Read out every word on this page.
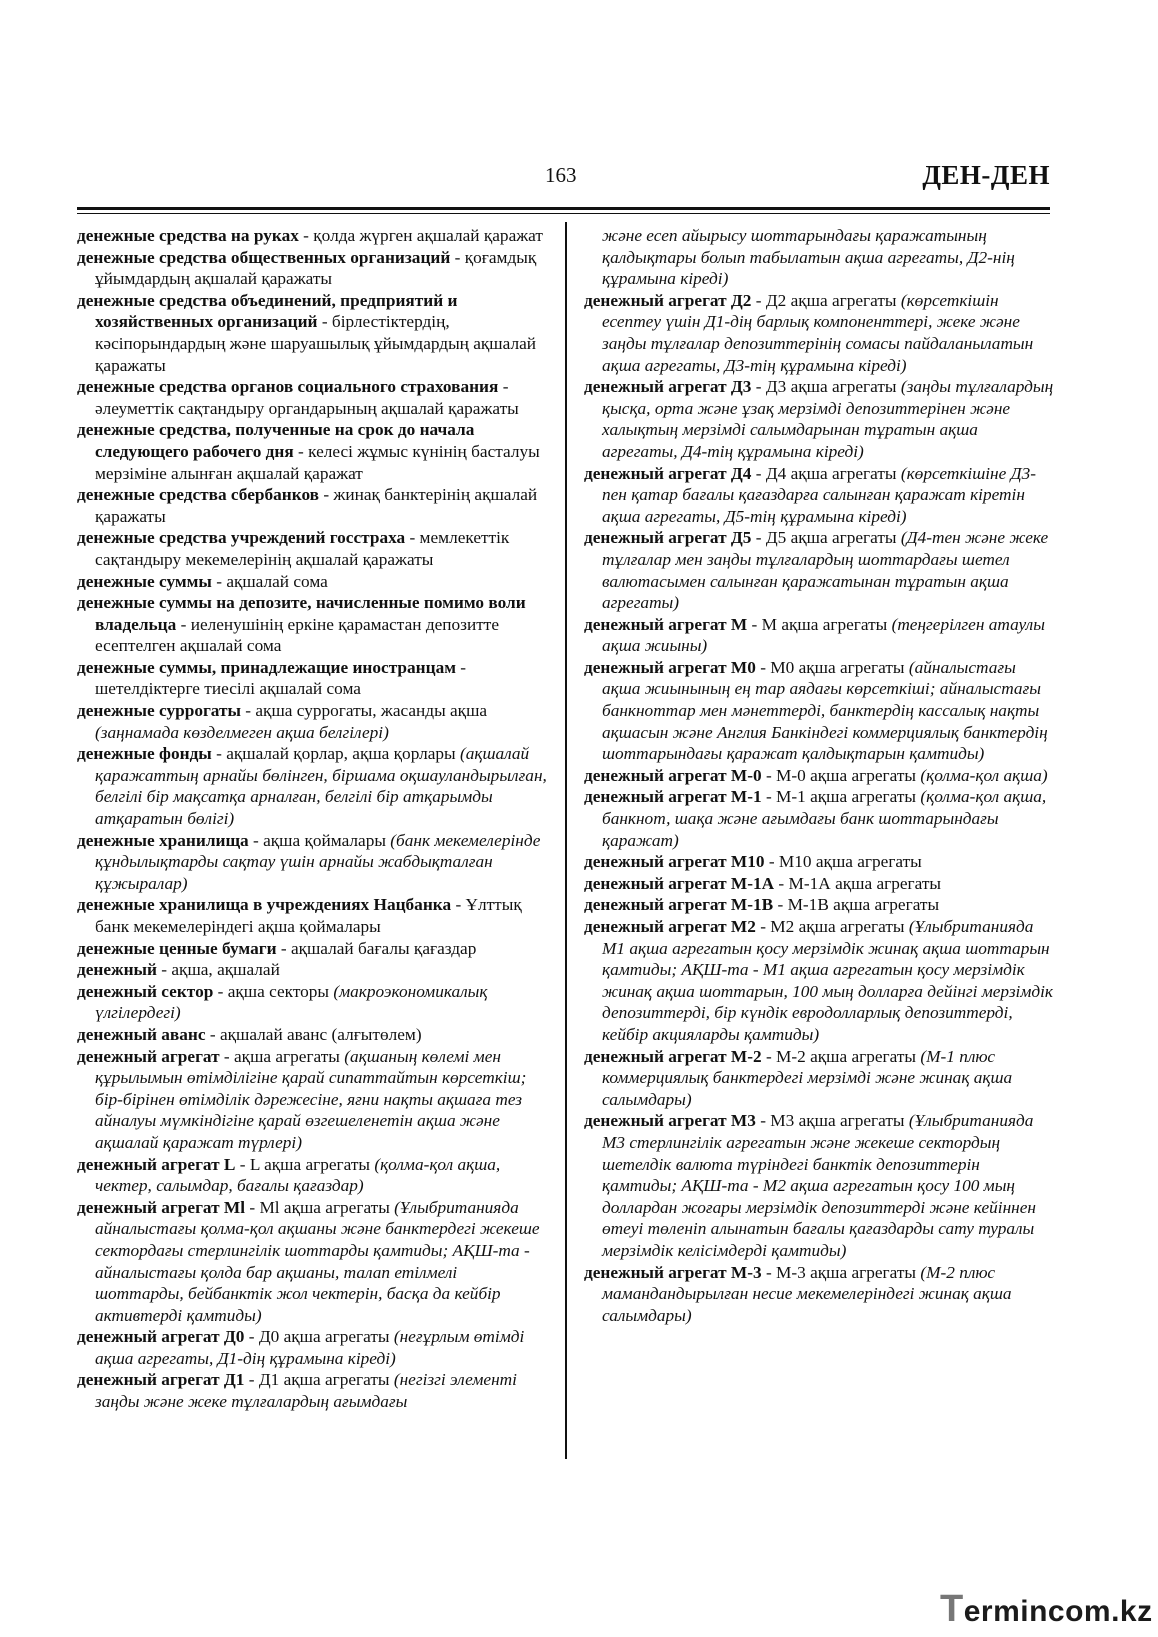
163	ДЕН-ДЕН

денежные средства на руках - қолда жүрген ақшалай қаражат

денежные средства общественных организаций - қоғамдық ұйымдардың ақшалай қаражаты

денежные средства объединений, предприятий и хозяйственных организаций - бірлестіктердің, кәсіпорындардың және шаруашылық ұйымдардың ақшалай қаражаты

денежные средства органов социального страхования - әлеуметтік сақтандыру органдарының ақшалай қаражаты

денежные средства, полученные на срок до начала следующего рабочего дня - келесі жұмыс күнінің басталуы мерзіміне алынған ақшалай қаражат

денежные средства сбербанков - жинақ банктерінің ақшалай қаражаты

денежные средства учреждений госстраха - мемлекеттік сақтандыру мекемелерінің ақшалай қаражаты

денежные суммы - ақшалай сома

денежные суммы на депозите, начисленные помимо воли владельца - иеленушінің еркіне қарамастан депозитте есептелген ақшалай сома

денежные суммы, принадлежащие иностранцам - шетелдіктерге тиесілі ақшалай сома

денежные суррогаты - ақша суррогаты, жасанды ақша (заңнамада көзделмеген ақша белгілері)

денежные фонды - ақшалай қорлар, ақша қорлары (ақшалай қаражаттың арнайы бөлінген, біршама оқшауландырылған, белгілі бір мақсатқа арналған, белгілі бір атқарымды атқаратын бөлігі)

денежные хранилища - ақша қоймалары (банк мекемелерінде құндылықтарды сақтау үшін арнайы жабдықталған құжыралар)

денежные хранилища в учреждениях Нацбанка - Ұлттық банк мекемелеріндегі ақша қоймалары

денежные ценные бумаги - ақшалай бағалы қағаздар

денежный - ақша, ақшалай

денежный сектор - ақша секторы (макроэкономикалық үлгілердегі)

денежный аванс - ақшалай аванс (алғытөлем)

денежный агрегат - ақша агрегаты (ақшаның көлемі мен құрылымын өтімділігіне қарай сипаттайтын көрсеткіш; бір-бірінен өтімділік дәрежесіне, яғни нақты ақшаға тез айналуы мүмкіндігіне қарай өзгешеленетін ақша және ақшалай қаражат түрлері)

денежный агрегат L - L ақша агрегаты (қолма-қол ақша, чектер, салымдар, бағалы қағаздар)

денежный агрегат Ml - Ml ақша агрегаты (Ұлыбританияда айналыстағы қолма-қол ақшаны және банктердегі жекеше сектордағы стерлингілік шоттарды қамтиды; АҚШ-та - айналыстағы қолда бар ақшаны, талап етілмелі шоттарды, бейбанктік жол чектерін, басқа да кейбір активтерді қамтиды)

денежный агрегат Д0 - Д0 ақша агрегаты (неғұрлым өтімді ақша агрегаты, Д1-дің құрамына кіреді)

денежный агрегат Д1 - Д1 ақша агрегаты (негізгі элементі заңды және жеке тұлғалардың ағымдағы

және есеп айырысу шоттарындағы қаражатының қалдықтары болып табылатын ақша агрегаты, Д2-нің құрамына кіреді)

денежный агрегат Д2 - Д2 ақша агрегаты (көрсеткішін есептеу үшін Д1-дің барлық компоненттері, жеке және заңды тұлғалар депозиттерінің сомасы пайдаланылатын ақша агрегаты, Д3-тің құрамына кіреді)

денежный агрегат Д3 - Д3 ақша агрегаты (заңды тұлғалардың қысқа, орта және ұзақ мерзімді депозиттерінен және халықтың мерзімді салымдарынан тұратын ақша агрегаты, Д4-тің құрамына кіреді)

денежный агрегат Д4 - Д4 ақша агрегаты (көрсеткішіне Д3-пен қатар бағалы қағаздарға салынған қаражат кіретін ақша агрегаты, Д5-тің құрамына кіреді)

денежный агрегат Д5 - Д5 ақша агрегаты (Д4-тен және жеке тұлғалар мен заңды тұлғалардың шоттардағы шетел валютасымен салынған қаражатынан тұратын ақша агрегаты)

денежный агрегат М - М ақша агрегаты (теңгерілген атаулы ақша жиыны)

денежный агрегат М0 - М0 ақша агрегаты (айналыстағы ақша жиынының ең тар аядағы көрсеткіші; айналыстағы банкноттар мен мәнеттерді, банктердің кассалық нақты ақшасын және Англия Банкіндегі коммерциялық банктердің шоттарындағы қаражат қалдықтарын қамтиды)

денежный агрегат М-0 - М-0 ақша агрегаты (қолма-қол ақша)

денежный агрегат М-1 - М-1 ақша агрегаты (қолма-қол ақша, банкнот, шақа және ағымдағы банк шоттарындағы қаражат)

денежный агрегат М10 - М10 ақша агрегаты

денежный агрегат М-1А - М-1А ақша агрегаты

денежный агрегат М-1В - М-1В ақша агрегаты

денежный агрегат М2 - М2 ақша агрегаты (Ұлыбританияда М1 ақша агрегатын қосу мерзімдік жинақ ақша шоттарын қамтиды; АҚШ-та - М1 ақша агрегатын қосу мерзімдік жинақ ақша шоттарын, 100 мың долларға дейінгі мерзімдік депозиттерді, бір күндік евродолларлық депозиттерді, кейбір акцияларды қамтиды)

денежный агрегат М-2 - М-2 ақша агрегаты (М-1 плюс коммерциялық банктердегі мерзімді және жинақ ақша салымдары)

денежный агрегат М3 - М3 ақша агрегаты (Ұлыбританияда М3 стерлингілік агрегатын және жекеше сектордың шетелдік валюта түріндегі банктік депозиттерін қамтиды; АҚШ-та - М2 ақша агрегатын қосу 100 мың доллардан жоғары мерзімдік депозиттерді және кейіннен өтеуі төленіп алынатын бағалы қағаздарды сату туралы мерзімдік келісімдерді қамтиды)

денежный агрегат М-3 - М-3 ақша агрегаты (М-2 плюс мамандандырылған несие мекемелеріндегі жинақ ақша салымдары)

Termincom.kz
